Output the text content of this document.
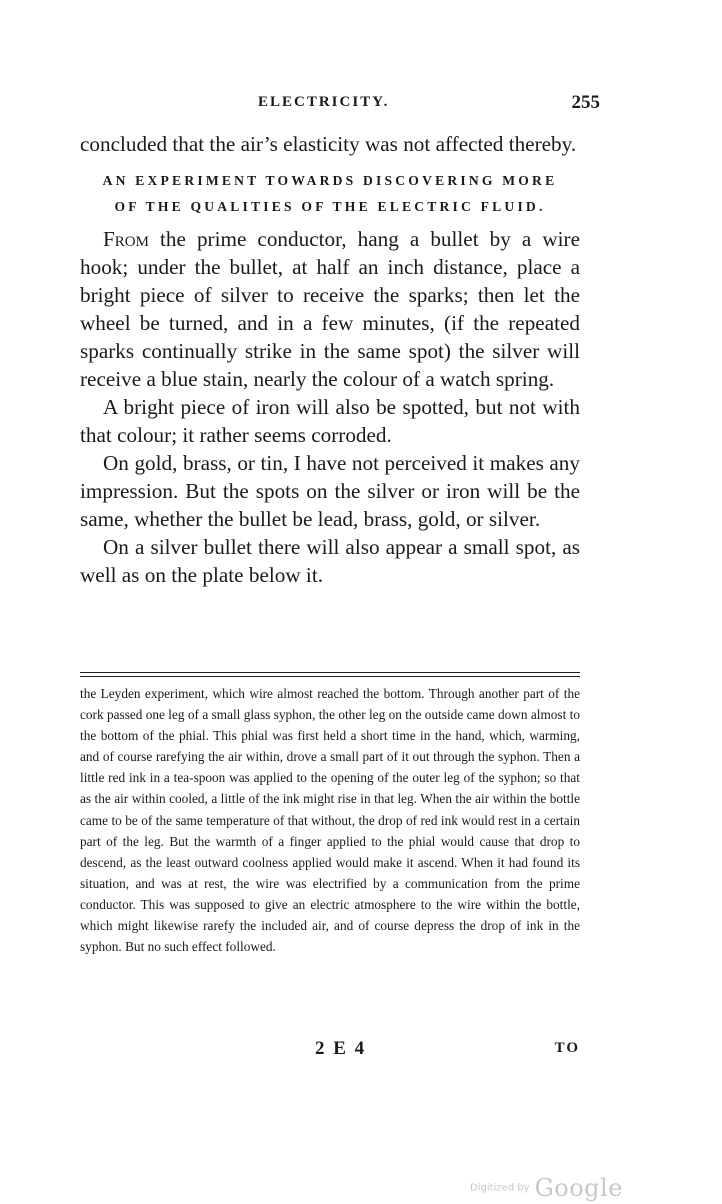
ELECTRICITY.	255

concluded that the air’s elasticity was not affected thereby.

AN EXPERIMENT TOWARDS DISCOVERING MORE
OF THE QUALITIES OF THE ELECTRIC FLUID.

From the prime conductor, hang a bullet by a wire hook; under the bullet, at half an inch distance, place a bright piece of silver to receive the sparks; then let the wheel be turned, and in a few minutes, (if the repeated sparks continually strike in the same spot) the silver will receive a blue stain, nearly the colour of a watch spring.

A bright piece of iron will also be spotted, but not with that colour; it rather seems corroded.

On gold, brass, or tin, I have not perceived it makes any impression. But the spots on the silver or iron will be the same, whether the bullet be lead, brass, gold, or silver.

On a silver bullet there will also appear a small spot, as well as on the plate below it.

the Leyden experiment, which wire almost reached the bottom. Through another part of the cork passed one leg of a small glass syphon, the other leg on the outside came down almost to the bottom of the phial. This phial was first held a short time in the hand, which, warming, and of course rarefying the air within, drove a small part of it out through the syphon. Then a little red ink in a tea-spoon was applied to the opening of the outer leg of the syphon; so that as the air within cooled, a little of the ink might rise in that leg. When the air within the bottle came to be of the same temperature of that without, the drop of red ink would rest in a certain part of the leg. But the warmth of a finger applied to the phial would cause that drop to descend, as the least outward coolness applied would make it ascend. When it had found its situation, and was at rest, the wire was electrified by a communication from the prime conductor. This was supposed to give an electric atmosphere to the wire within the bottle, which might likewise rarefy the included air, and of course depress the drop of ink in the syphon. But no such effect followed.

2 E 4	TO
Digitized by Google
